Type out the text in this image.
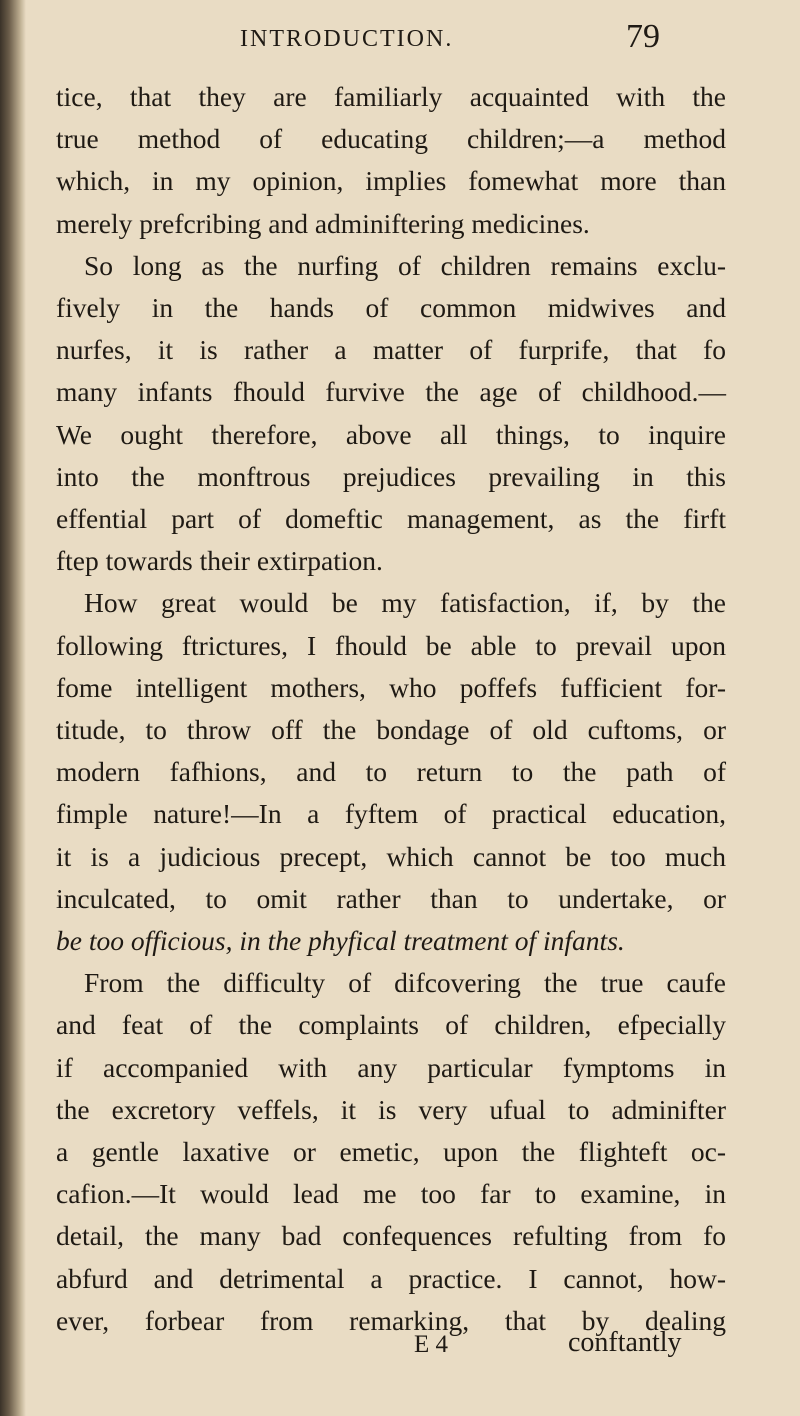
INTRODUCTION.	79
tice, that they are familiarly acquainted with the
true method of educating children;—a method
which, in my opinion, implies fomewhat more than
merely prefcribing and adminiftering medicines.
So long as the nurfing of children remains exclu-
fively in the hands of common midwives and
nurfes, it is rather a matter of furprife, that fo
many infants fhould furvive the age of childhood.—
We ought therefore, above all things, to inquire
into the monftrous prejudices prevailing in this
effential part of domeftic management, as the firft
ftep towards their extirpation.
How great would be my fatisfaction, if, by the
following ftrictures, I fhould be able to prevail upon
fome intelligent mothers, who poffefs fufficient for-
titude, to throw off the bondage of old cuftoms, or
modern fafhions, and to return to the path of
fimple nature!—In a fyftem of practical education,
it is a judicious precept, which cannot be too much
inculcated, to omit rather than to undertake, or
be too officious, in the phyfical treatment of infants.
From the difficulty of difcovering the true caufe
and feat of the complaints of children, efpecially
if accompanied with any particular fymptoms in
the excretory veffels, it is very ufual to adminifter
a gentle laxative or emetic, upon the flighteft oc-
cafion.—It would lead me too far to examine, in
detail, the many bad confequences refulting from fo
abfurd and detrimental a practice. I cannot, how-
ever, forbear from remarking, that by dealing
E 4	conftantly
